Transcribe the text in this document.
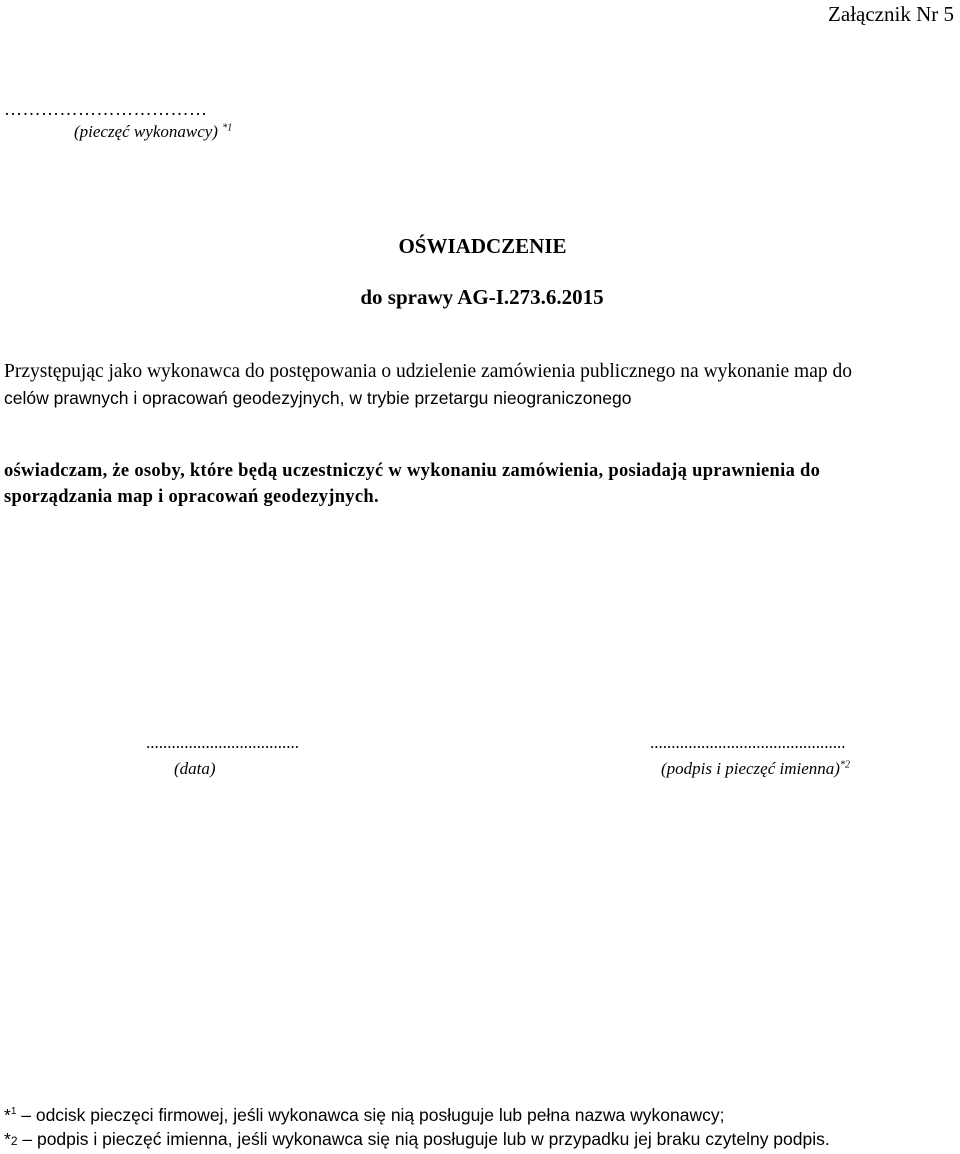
Załącznik Nr 5
……………………………
(pieczęć wykonawcy) $^{*1}$
OŚWIADCZENIE
do sprawy AG-I.273.6.2015
Przystępując jako wykonawca do postępowania o udzielenie zamówienia publicznego na wykonanie map do
celów prawnych i opracowań geodezyjnych, w trybie przetargu nieograniczonego
oświadczam, że osoby, które będą uczestniczyć w wykonaniu zamówienia, posiadają uprawnienia do
sporządzania map i opracowań geodezyjnych.
....................................
(data)
..............................................
(podpis i pieczęć imienna)$^{*2}$
*$^1$ – odcisk pieczęci firmowej, jeśli wykonawca się nią posługuje lub pełna nazwa wykonawcy;
*2 – podpis i pieczęć imienna, jeśli wykonawca się nią posługuje lub w przypadku jej braku czytelny podpis.
